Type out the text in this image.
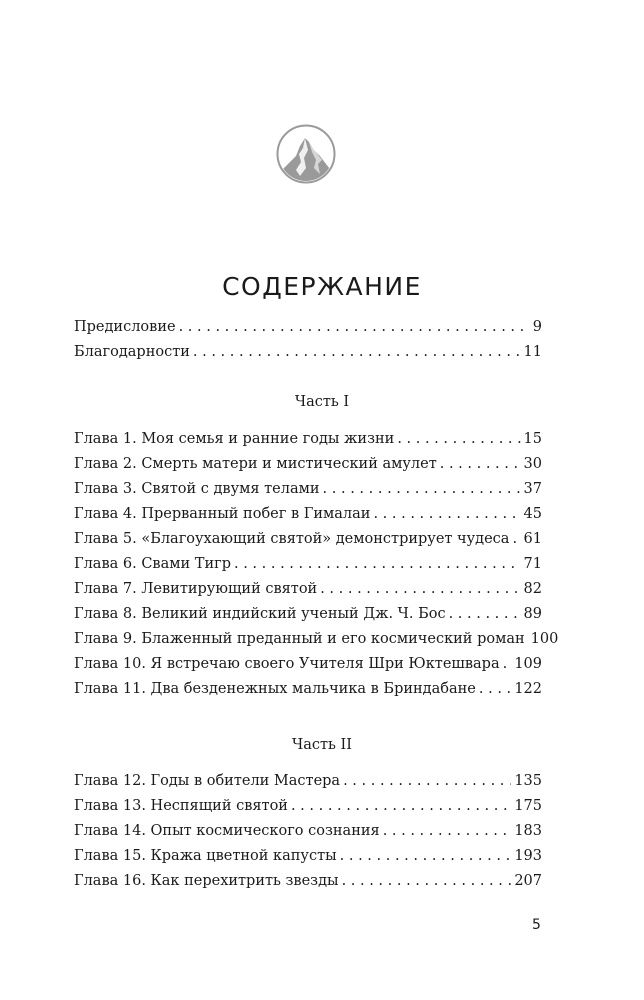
СОДЕРЖАНИЕ
Предисловие . . .	9
Благодарности . . .	11
Часть I
Глава 1. Моя семья и ранние годы жизни . . .	15
Глава 2. Смерть матери и мистический амулет . . .	30
Глава 3. Святой с двумя телами . . .	37
Глава 4. Прерванный побег в Гималаи . . .	45
Глава 5. «Благоухающий святой» демонстрирует чудеса . . . 61
Глава 6. Свами Тигр . . .	71
Глава 7. Левитирующий святой . . .	82
Глава 8. Великий индийский ученый Дж. Ч. Бос . . .	89
Глава 9. Блаженный преданный и его космический роман 100
Глава 10. Я встречаю своего Учителя Шри Юктешвара . . . 109
Глава 11. Два безденежных мальчика в Бриндабане . . .	122
Часть II
Глава 12. Годы в обители Мастера . . .	135
Глава 13. Неспящий святой . . .	175
Глава 14. Опыт космического сознания . . .	183
Глава 15. Кража цветной капусты . . .	193
Глава 16. Как перехитрить звезды . . .	207
5
